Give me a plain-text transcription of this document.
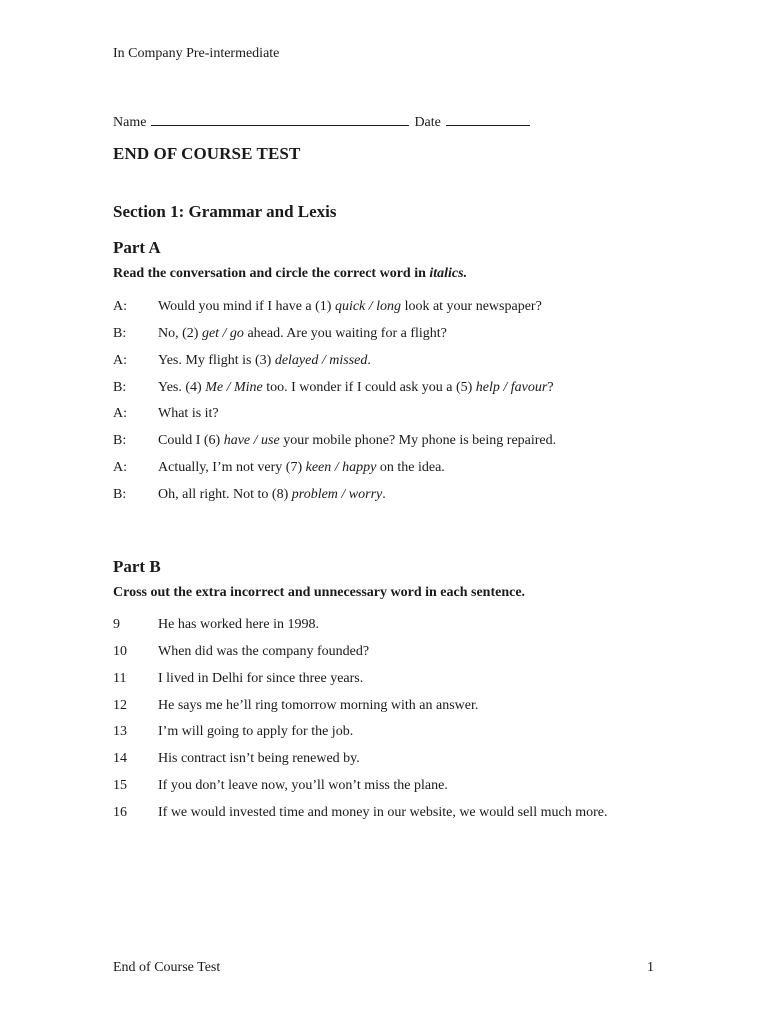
In Company Pre-intermediate
Name	Date
END OF COURSE TEST
Section 1: Grammar and Lexis
Part A
Read the conversation and circle the correct word in italics.
A: Would you mind if I have a (1) quick / long look at your newspaper?
B: No, (2) get / go ahead. Are you waiting for a flight?
A: Yes. My flight is (3) delayed / missed.
B: Yes. (4) Me / Mine too. I wonder if I could ask you a (5) help / favour?
A: What is it?
B: Could I (6) have / use your mobile phone? My phone is being repaired.
A: Actually, I’m not very (7) keen / happy on the idea.
B: Oh, all right. Not to (8) problem / worry.
Part B
Cross out the extra incorrect and unnecessary word in each sentence.
9	He has worked here in 1998.
10 When did was the company founded?
11 I lived in Delhi for since three years.
12 He says me he’ll ring tomorrow morning with an answer.
13 I’m will going to apply for the job.
14 His contract isn’t being renewed by.
15 If you don’t leave now, you’ll won’t miss the plane.
16 If we would invested time and money in our website, we would sell much more.
End of Course Test	1
